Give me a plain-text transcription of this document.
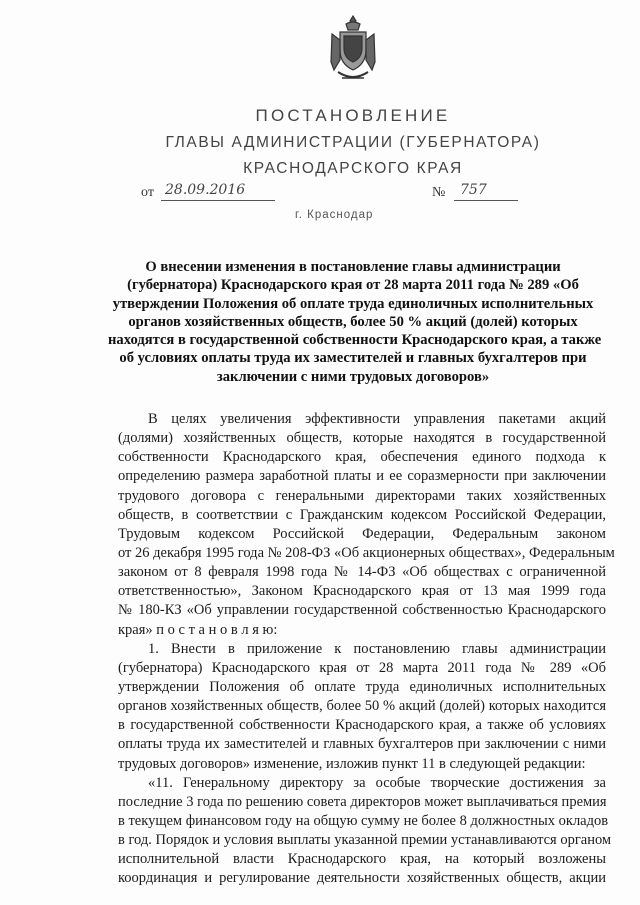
ПОСТАНОВЛЕНИЕ
ГЛАВЫ АДМИНИСТРАЦИИ (ГУБЕРНАТОРА)
КРАСНОДАРСКОГО КРАЯ
от 28.09.2016	№	757
г. Краснодар
О внесении изменения в постановление главы администрации
(губернатора) Краснодарского края от 28 марта 2011 года № 289 «Об
утверждении Положения об оплате труда единоличных исполнительных
органов хозяйственных обществ, более 50 % акций (долей) которых
находятся в государственной собственности Краснодарского края, а также
об условиях оплаты труда их заместителей и главных бухгалтеров при
заключении с ними трудовых договоров»
В целях увеличения эффективности управления пакетами акций
(долями) хозяйственных обществ, которые находятся в государственной
собственности Краснодарского края, обеспечения единого подхода к
определению размера заработной платы и ее соразмерности при заключении
трудового договора с генеральными директорами таких хозяйственных
обществ, в соответствии с Гражданским кодексом Российской Федерации,
Трудовым кодексом Российской Федерации, Федеральным законом
от 26 декабря 1995 года № 208-ФЗ «Об акционерных обществах», Федеральным
законом от 8 февраля 1998 года № 14-ФЗ «Об обществах с ограниченной
ответственностью», Законом Краснодарского края от 13 мая 1999 года
№ 180-КЗ «Об управлении государственной собственностью Краснодарского
края» п о с т а н о в л я ю:
1. Внести в приложение к постановлению главы администрации
(губернатора) Краснодарского края от 28 марта 2011 года № 289 «Об
утверждении Положения об оплате труда единоличных исполнительных
органов хозяйственных обществ, более 50 % акций (долей) которых находится
в государственной собственности Краснодарского края, а также об условиях
оплаты труда их заместителей и главных бухгалтеров при заключении с ними
трудовых договоров» изменение, изложив пункт 11 в следующей редакции:
«11. Генеральному директору за особые творческие достижения за
последние 3 года по решению совета директоров может выплачиваться премия
в текущем финансовом году на общую сумму не более 8 должностных окладов
в год. Порядок и условия выплаты указанной премии устанавливаются органом
исполнительной власти Краснодарского края, на который возложены
координация и регулирование деятельности хозяйственных обществ, акции
